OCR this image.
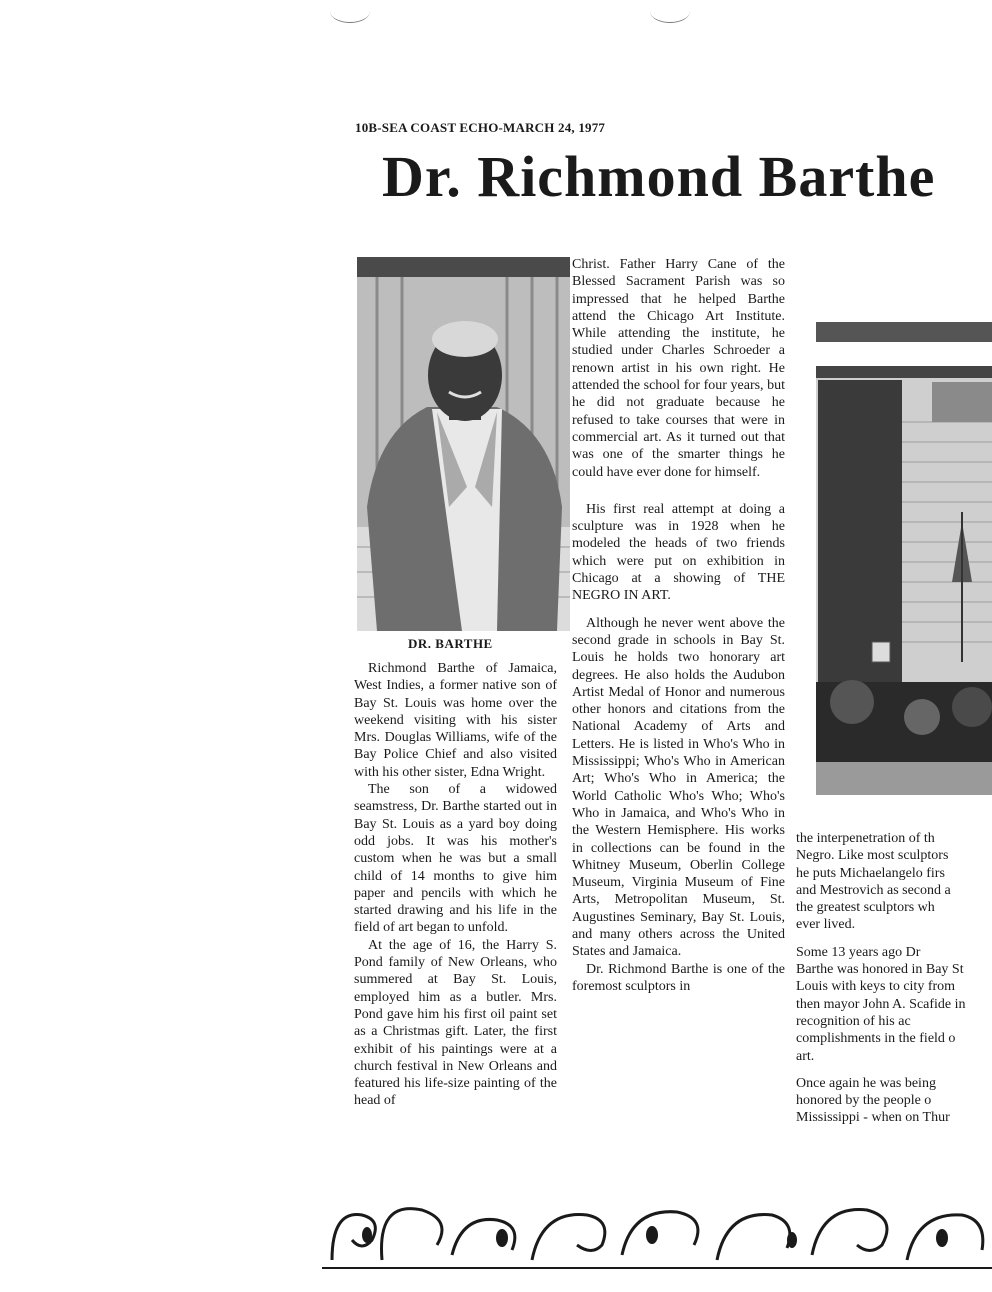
10B-SEA COAST ECHO-MARCH 24, 1977
Dr. Richmond Barthe
DR. BARTHE

Richmond Barthe of Jamaica, West Indies, a former native son of Bay St. Louis was home over the weekend visiting with his sister Mrs. Douglas Williams, wife of the Bay Police Chief and also visited with his other sister, Edna Wright.

The son of a widowed seamstress, Dr. Barthe started out in Bay St. Louis as a yard boy doing odd jobs. It was his mother's custom when he was but a small child of 14 months to give him paper and pencils with which he started drawing and his life in the field of art began to unfold.

At the age of 16, the Harry S. Pond family of New Orleans, who summered at Bay St. Louis, employed him as a butler. Mrs. Pond gave him his first oil paint set as a Christmas gift. Later, the first exhibit of his paintings were at a church festival in New Orleans and featured his life-size painting of the head of

Christ. Father Harry Cane of the Blessed Sacrament Parish was so impressed that he helped Barthe attend the Chicago Art Institute. While attending the institute, he studied under Charles Schroeder a renown artist in his own right. He attended the school for four years, but he did not graduate because he refused to take courses that were in commercial art. As it turned out that was one of the smarter things he could have ever done for himself.

His first real attempt at doing a sculpture was in 1928 when he modeled the heads of two friends which were put on exhibition in Chicago at a showing of THE NEGRO IN ART.

Although he never went above the second grade in schools in Bay St. Louis he holds two honorary art degrees. He also holds the Audubon Artist Medal of Honor and numerous other honors and citations from the National Academy of Arts and Letters. He is listed in Who's Who in Mississippi; Who's Who in American Art; Who's Who in America; the World Catholic Who's Who; Who's Who in Jamaica, and Who's Who in the Western Hemisphere. His works in collections can be found in the Whitney Museum, Oberlin College Museum, Virginia Museum of Fine Arts, Metropolitan Museum, St. Augustines Seminary, Bay St. Louis, and many others across the United States and Jamaica.

Dr. Richmond Barthe is one of the foremost sculptors in

the interpenetration of th
Negro. Like most sculptors
he puts Michaelangelo firs
and Mestrovich as second a
the greatest sculptors wh
ever lived.
Some 13 years ago Dr
Barthe was honored in Bay St
Louis with keys to city from
then mayor John A. Scafide in
recognition of his ac
complishments in the field o
art.
Once again he was being
honored by the people o
Mississippi - when on Thur
